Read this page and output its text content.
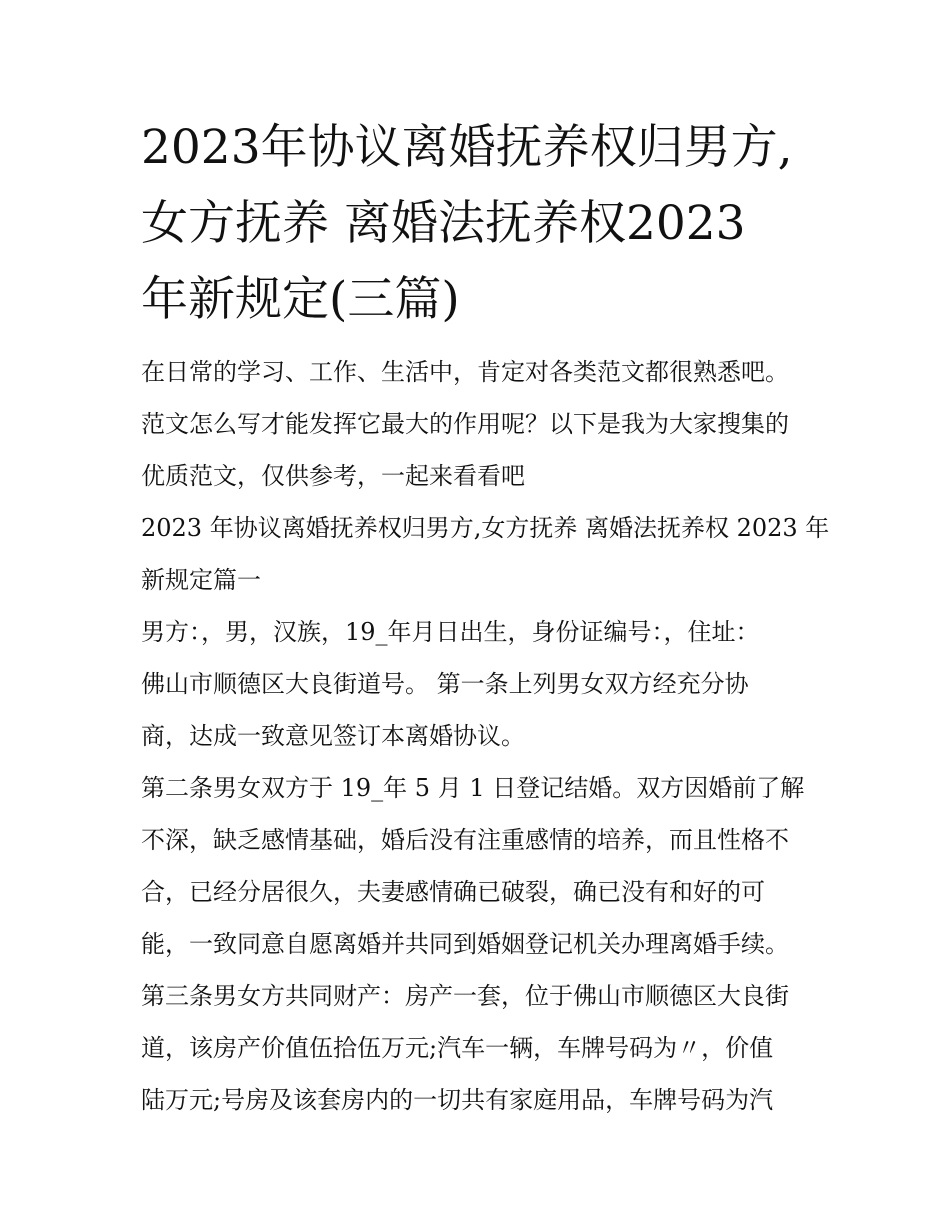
2023年协议离婚抚养权归男方,
女方抚养 离婚法抚养权2023
年新规定(三篇)

在日常的学习、工作、生活中，肯定对各类范文都很熟悉吧。
范文怎么写才能发挥它最大的作用呢？以下是我为大家搜集的
优质范文，仅供参考，一起来看看吧

2023 年协议离婚抚养权归男方,女方抚养 离婚法抚养权 2023 年
新规定篇一

男方：，男，汉族，19_年月日出生，身份证编号：，住址：
佛山市顺德区大良街道号。 第一条上列男女双方经充分协
商，达成一致意见签订本离婚协议。

第二条男女双方于 19_年 5 月 1 日登记结婚。双方因婚前了解
不深，缺乏感情基础，婚后没有注重感情的培养，而且性格不
合，已经分居很久，夫妻感情确已破裂，确已没有和好的可
能，一致同意自愿离婚并共同到婚姻登记机关办理离婚手续。

第三条男女方共同财产：房产一套，位于佛山市顺德区大良街
道，该房产价值伍拾伍万元;汽车一辆，车牌号码为〃，价值
陆万元;号房及该套房内的一切共有家庭用品，车牌号码为汽
